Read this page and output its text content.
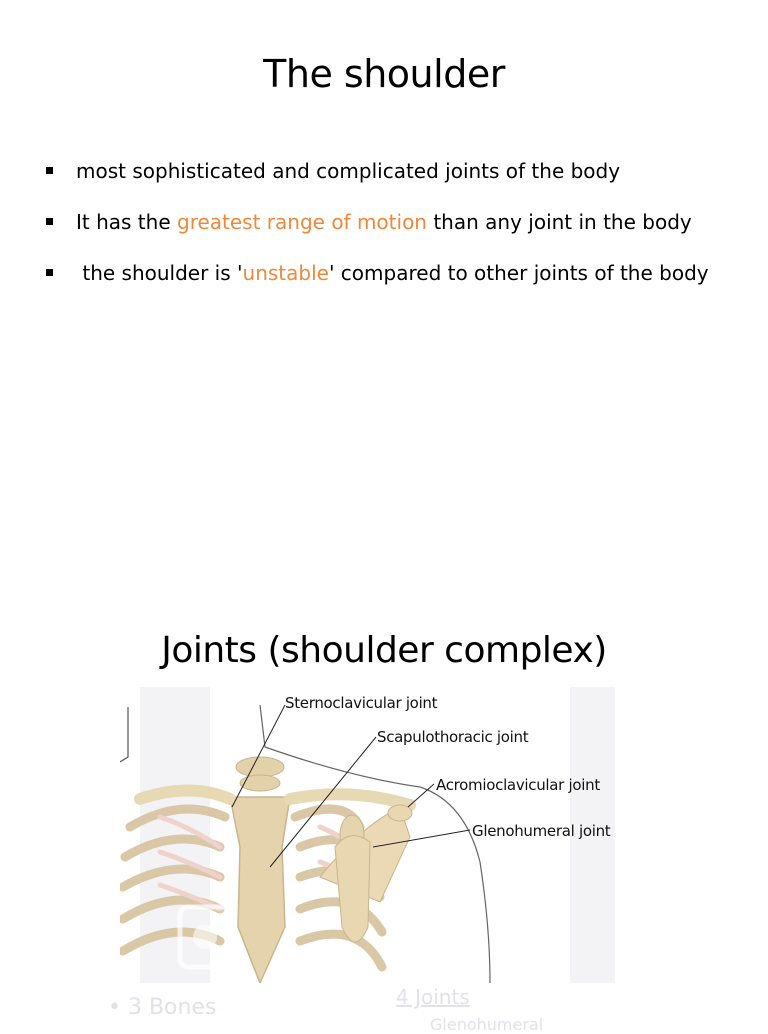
The shoulder
most sophisticated and complicated joints of the body
It has the greatest range of motion than any joint in the body
the shoulder is 'unstable' compared to other joints of the body
Joints (shoulder complex)
Sternoclavicular joint
Scapulothoracic joint
Acromioclavicular joint
Glenohumeral joint
• 3 Bones	4 Joints
Glenohumeral
